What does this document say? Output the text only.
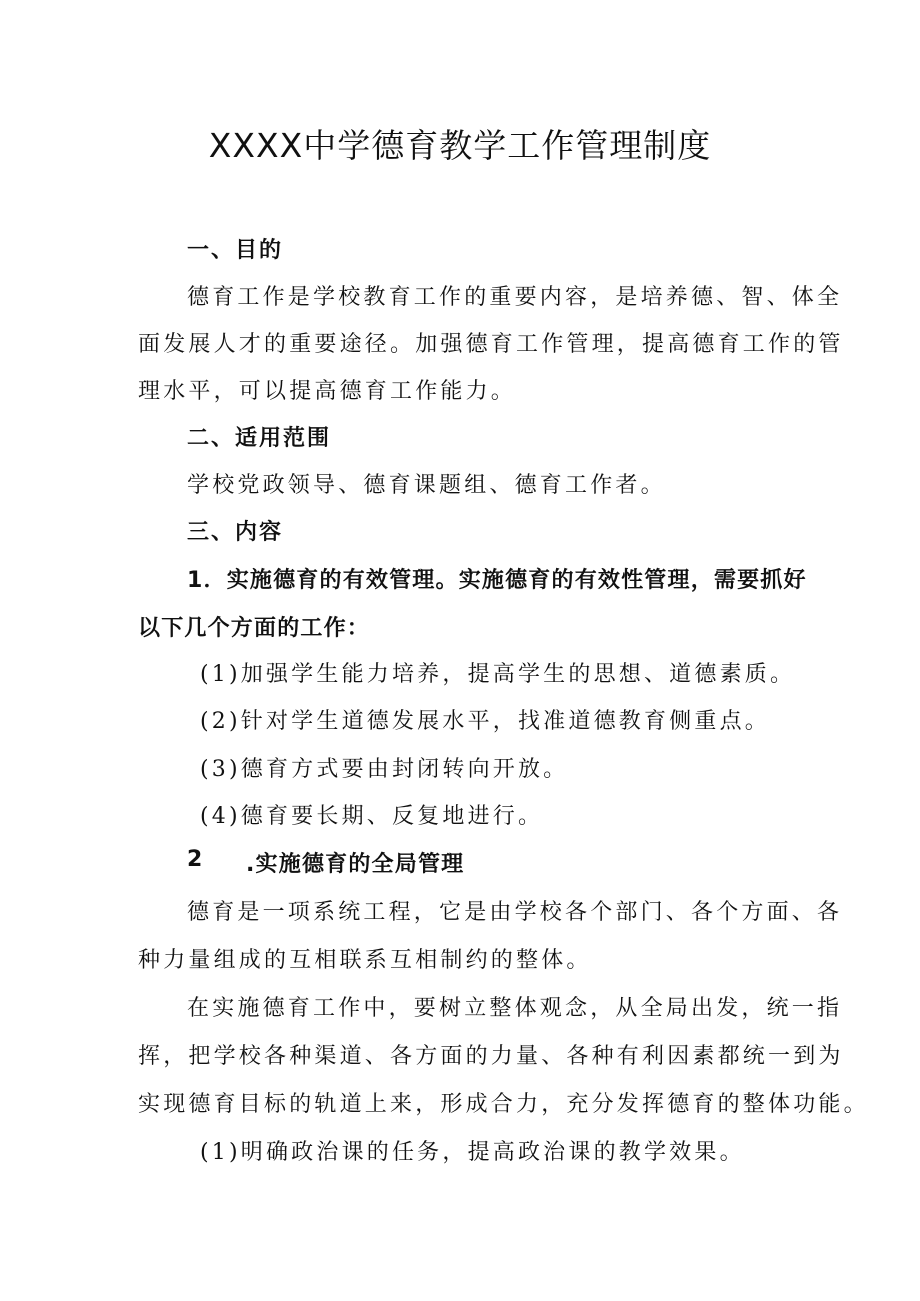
XXXX中学德育教学工作管理制度
一、目的
德育工作是学校教育工作的重要内容，是培养德、智、体全
面发展人才的重要途径。加强德育工作管理，提高德育工作的管
理水平，可以提高德育工作能力。
二、适用范围
学校党政领导、德育课题组、德育工作者。
三、内容
1．实施德育的有效管理。实施德育的有效性管理，需要抓好
以下几个方面的工作：
(1)加强学生能力培养，提高学生的思想、道德素质。
(2)针对学生道德发展水平，找准道德教育侧重点。
(3)德育方式要由封闭转向开放。
(4)德育要长期、反复地进行。
2 .实施德育的全局管理
德育是一项系统工程，它是由学校各个部门、各个方面、各
种力量组成的互相联系互相制约的整体。
在实施德育工作中，要树立整体观念，从全局出发，统一指
挥，把学校各种渠道、各方面的力量、各种有利因素都统一到为
实现德育目标的轨道上来，形成合力，充分发挥德育的整体功能。
(1)明确政治课的任务，提高政治课的教学效果。
